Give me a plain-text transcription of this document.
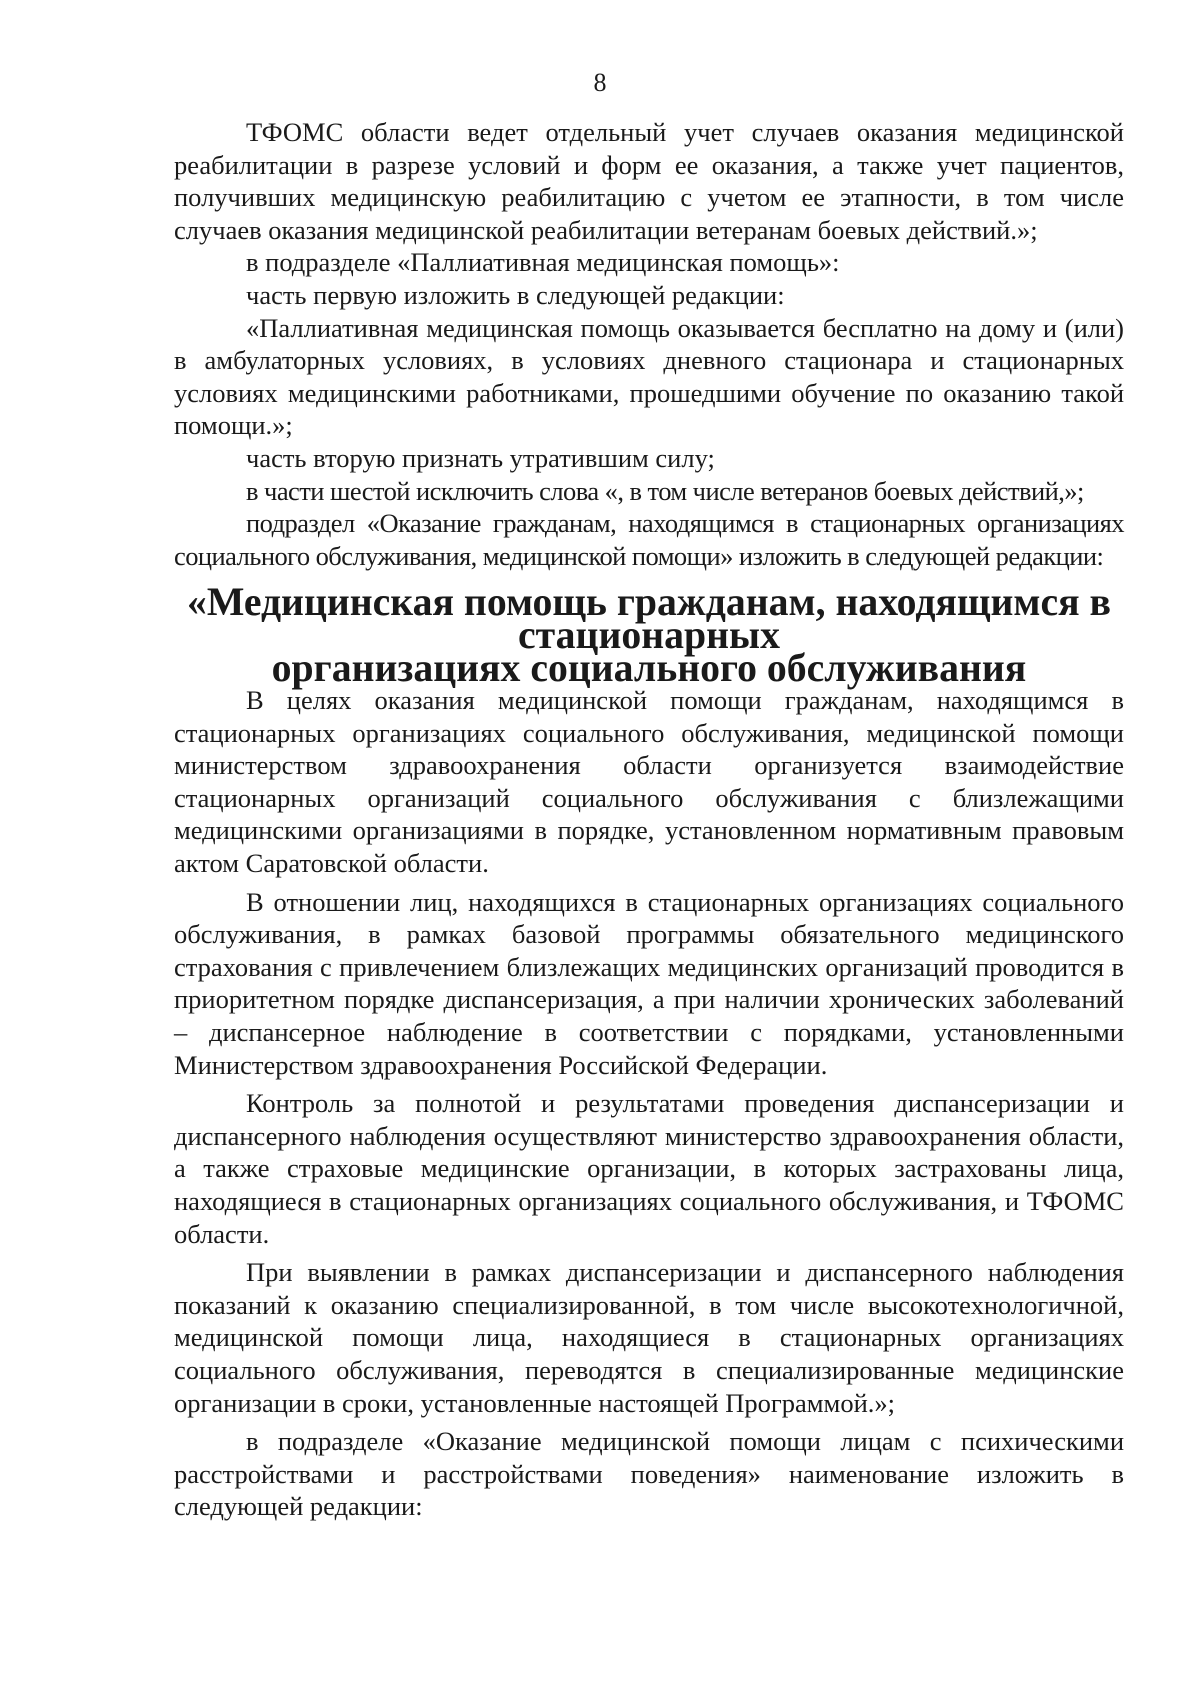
8

ТФОМС области ведет отдельный учет случаев оказания медицинской реабилитации в разрезе условий и форм ее оказания, а также учет пациентов, получивших медицинскую реабилитацию с учетом ее этапности, в том числе случаев оказания медицинской реабилитации ветеранам боевых действий.»;

в подразделе «Паллиативная медицинская помощь»:

часть первую изложить в следующей редакции:

«Паллиативная медицинская помощь оказывается бесплатно на дому и (или) в амбулаторных условиях, в условиях дневного стационара и стационарных условиях медицинскими работниками, прошедшими обучение по оказанию такой помощи.»;

часть вторую признать утратившим силу;

в части шестой исключить слова «, в том числе ветеранов боевых действий,»;

подраздел «Оказание гражданам, находящимся в стационарных организациях социального обслуживания, медицинской помощи» изложить в следующей редакции:

«Медицинская помощь гражданам, находящимся в стационарных
организациях социального обслуживания

В целях оказания медицинской помощи гражданам, находящимся в стационарных организациях социального обслуживания, медицинской помощи министерством здравоохранения области организуется взаимодействие стационарных организаций социального обслуживания с близлежащими медицинскими организациями в порядке, установленном нормативным правовым актом Саратовской области.

В отношении лиц, находящихся в стационарных организациях социального обслуживания, в рамках базовой программы обязательного медицинского страхования с привлечением близлежащих медицинских организаций проводится в приоритетном порядке диспансеризация, а при наличии хронических заболеваний – диспансерное наблюдение в соответствии с порядками, установленными Министерством здравоохранения Российской Федерации.

Контроль за полнотой и результатами проведения диспансеризации и диспансерного наблюдения осуществляют министерство здравоохранения области, а также страховые медицинские организации, в которых застрахованы лица, находящиеся в стационарных организациях социального обслуживания, и ТФОМС области.

При выявлении в рамках диспансеризации и диспансерного наблюдения показаний к оказанию специализированной, в том числе высокотехнологичной, медицинской помощи лица, находящиеся в стационарных организациях социального обслуживания, переводятся в специализированные медицинские организации в сроки, установленные настоящей Программой.»;

в подразделе «Оказание медицинской помощи лицам с психическими расстройствами и расстройствами поведения» наименование изложить в следующей редакции:
